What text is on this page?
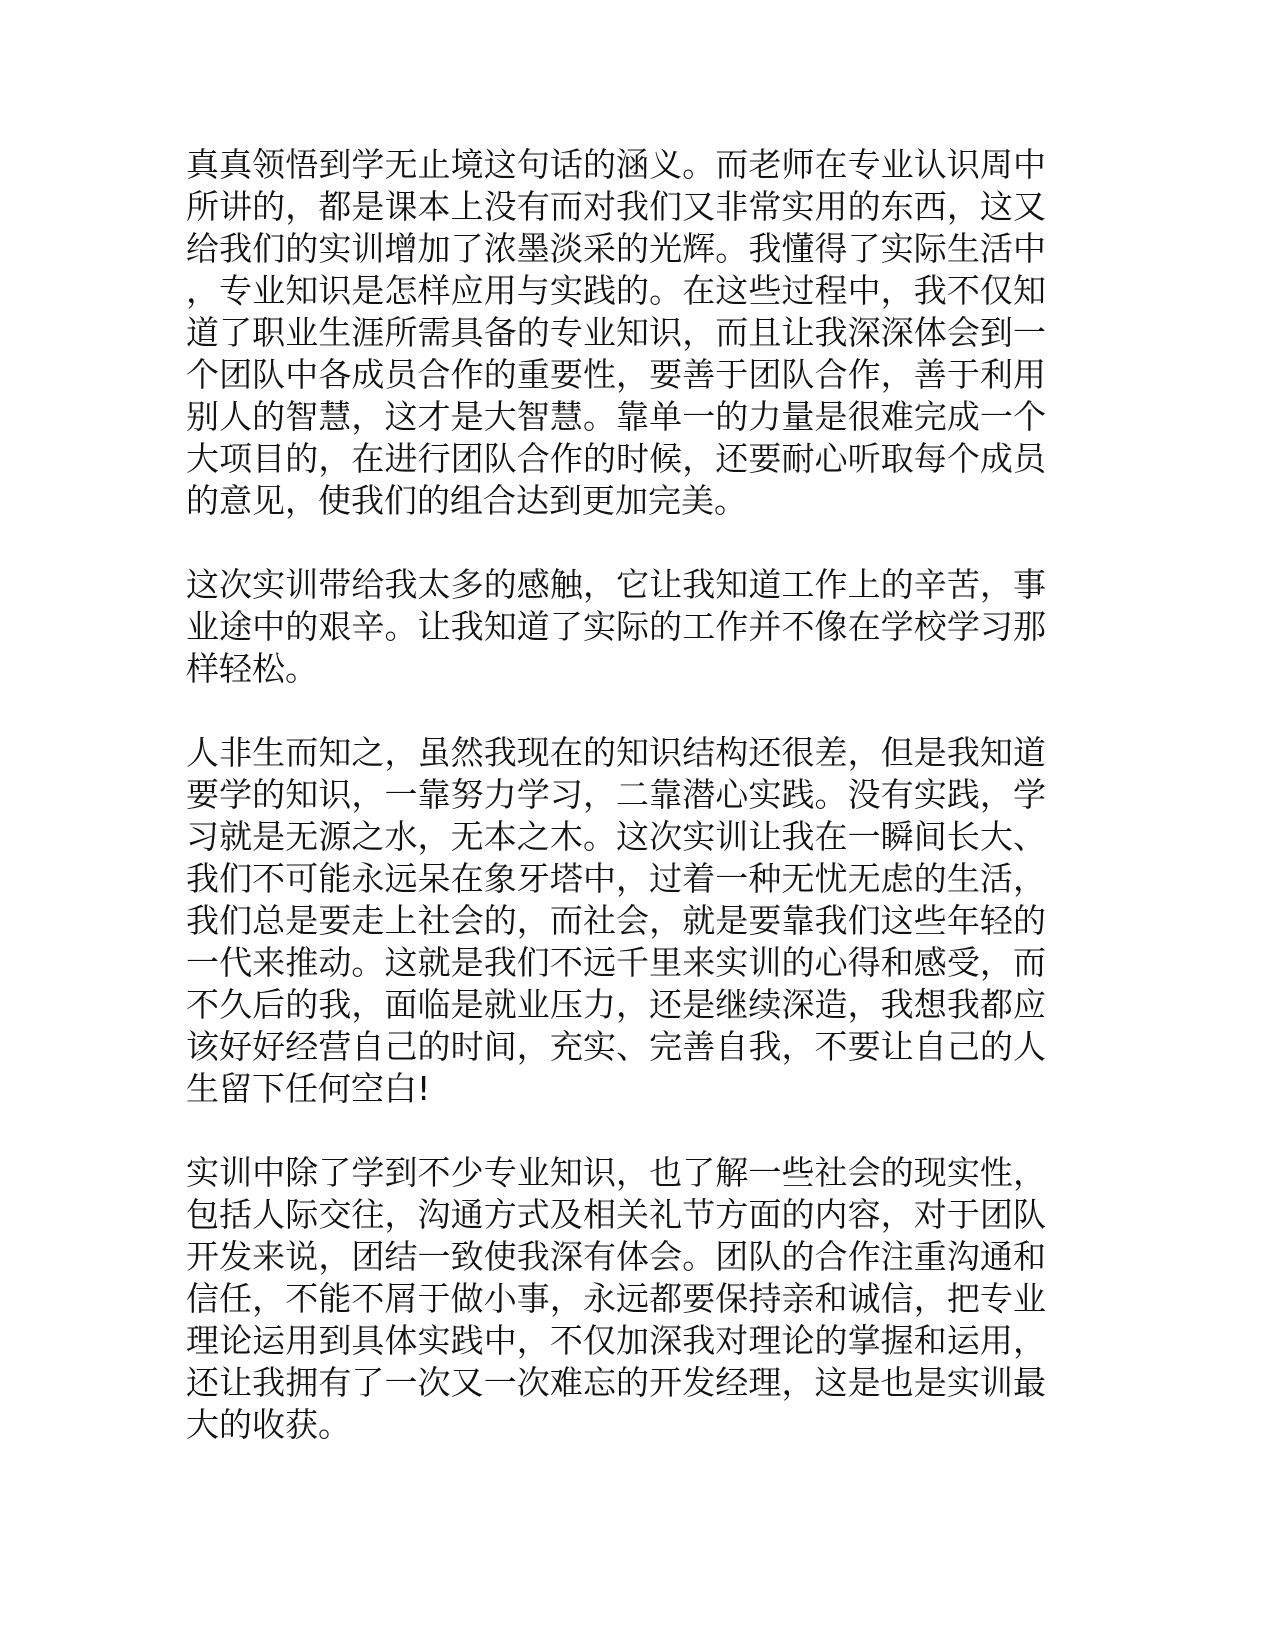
真真领悟到学无止境这句话的涵义。而老师在专业认识周中
所讲的，都是课本上没有而对我们又非常实用的东西，这又
给我们的实训增加了浓墨淡采的光辉。我懂得了实际生活中
，专业知识是怎样应用与实践的。在这些过程中，我不仅知
道了职业生涯所需具备的专业知识，而且让我深深体会到一
个团队中各成员合作的重要性，要善于团队合作，善于利用
别人的智慧，这才是大智慧。靠单一的力量是很难完成一个
大项目的，在进行团队合作的时候，还要耐心听取每个成员
的意见，使我们的组合达到更加完美。
这次实训带给我太多的感触，它让我知道工作上的辛苦，事
业途中的艰辛。让我知道了实际的工作并不像在学校学习那
样轻松。
人非生而知之，虽然我现在的知识结构还很差，但是我知道
要学的知识，一靠努力学习，二靠潜心实践。没有实践，学
习就是无源之水，无本之木。这次实训让我在一瞬间长大、
我们不可能永远呆在象牙塔中，过着一种无忧无虑的生活，
我们总是要走上社会的，而社会，就是要靠我们这些年轻的
一代来推动。这就是我们不远千里来实训的心得和感受，而
不久后的我，面临是就业压力，还是继续深造，我想我都应
该好好经营自己的时间，充实、完善自我，不要让自己的人
生留下任何空白!
实训中除了学到不少专业知识，也了解一些社会的现实性，
包括人际交往，沟通方式及相关礼节方面的内容，对于团队
开发来说，团结一致使我深有体会。团队的合作注重沟通和
信任，不能不屑于做小事，永远都要保持亲和诚信，把专业
理论运用到具体实践中，不仅加深我对理论的掌握和运用，
还让我拥有了一次又一次难忘的开发经理，这是也是实训最
大的收获。
